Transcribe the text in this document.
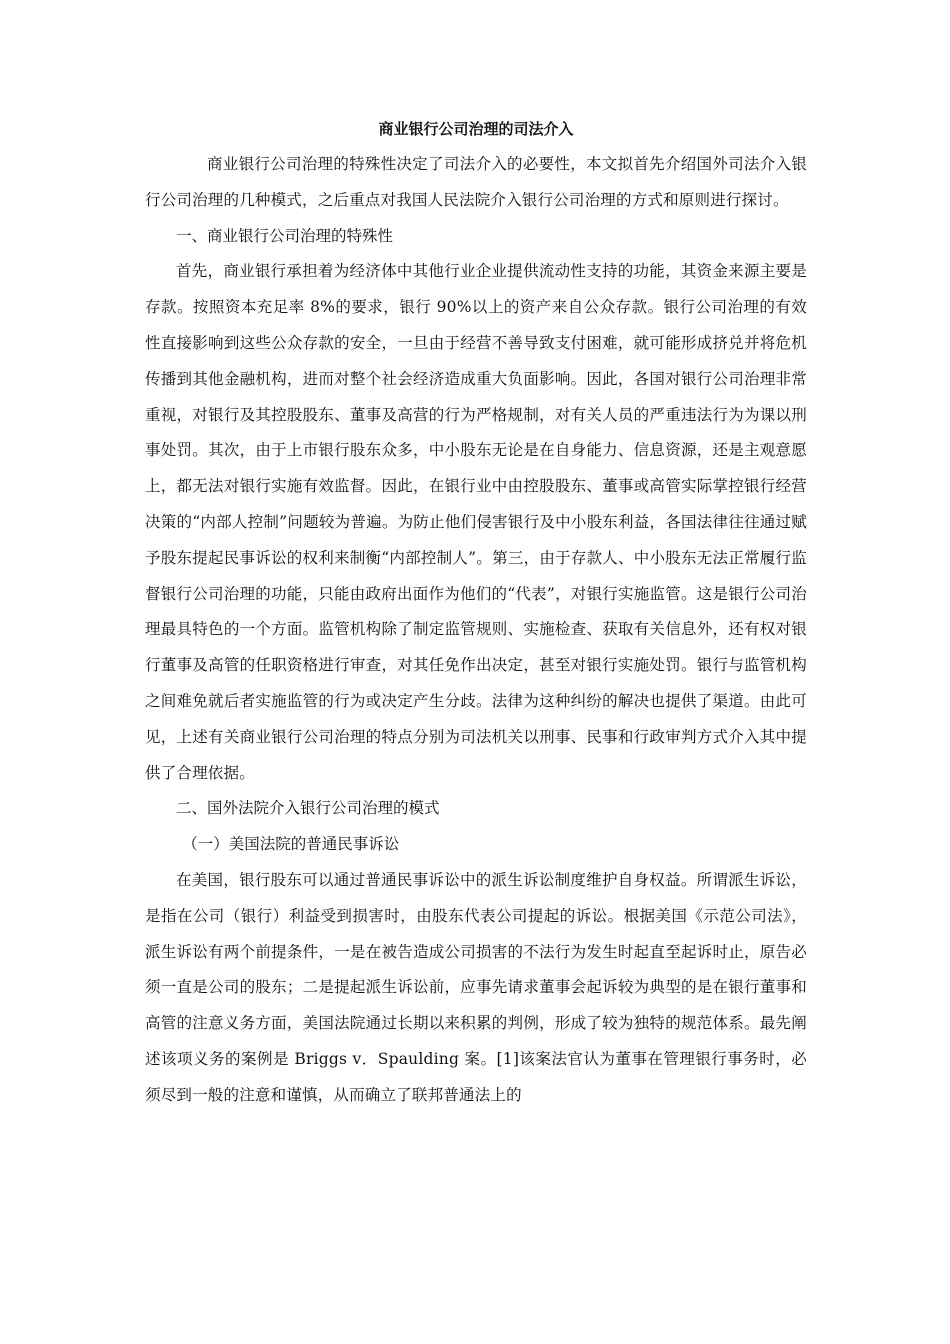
商业银行公司治理的司法介入

商业银行公司治理的特殊性决定了司法介入的必要性，本文拟首先介绍国外司法介入银行公司治理的几种模式，之后重点对我国人民法院介入银行公司治理的方式和原则进行探讨。

一、商业银行公司治理的特殊性

首先，商业银行承担着为经济体中其他行业企业提供流动性支持的功能，其资金来源主要是存款。按照资本充足率 8%的要求，银行 90%以上的资产来自公众存款。银行公司治理的有效性直接影响到这些公众存款的安全，一旦由于经营不善导致支付困难，就可能形成挤兑并将危机传播到其他金融机构，进而对整个社会经济造成重大负面影响。因此，各国对银行公司治理非常重视，对银行及其控股股东、董事及高营的行为严格规制，对有关人员的严重违法行为为课以刑事处罚。其次，由于上市银行股东众多，中小股东无论是在自身能力、信息资源，还是主观意愿上，都无法对银行实施有效监督。因此，在银行业中由控股股东、董事或高管实际掌控银行经营决策的“内部人控制”问题较为普遍。为防止他们侵害银行及中小股东利益，各国法律往往通过赋予股东提起民事诉讼的权利来制衡“内部控制人”。第三，由于存款人、中小股东无法正常履行监督银行公司治理的功能，只能由政府出面作为他们的“代表”，对银行实施监管。这是银行公司治理最具特色的一个方面。监管机构除了制定监管规则、实施检查、获取有关信息外，还有权对银行董事及高管的任职资格进行审查，对其任免作出决定，甚至对银行实施处罚。银行与监管机构之间难免就后者实施监管的行为或决定产生分歧。法律为这种纠纷的解决也提供了渠道。由此可见，上述有关商业银行公司治理的特点分别为司法机关以刑事、民事和行政审判方式介入其中提供了合理依据。

二、国外法院介入银行公司治理的模式

（一）美国法院的普通民事诉讼

在美国，银行股东可以通过普通民事诉讼中的派生诉讼制度维护自身权益。所谓派生诉讼，是指在公司（银行）利益受到损害时，由股东代表公司提起的诉讼。根据美国《示范公司法》，派生诉讼有两个前提条件，一是在被告造成公司损害的不法行为发生时起直至起诉时止，原告必须一直是公司的股东；二是提起派生诉讼前，应事先请求董事会起诉较为典型的是在银行董事和高管的注意义务方面，美国法院通过长期以来积累的判例，形成了较为独特的规范体系。最先阐述该项义务的案例是 Briggs v．Spaulding 案。[1]该案法官认为董事在管理银行事务时，必须尽到一般的注意和谨慎，从而确立了联邦普通法上的
